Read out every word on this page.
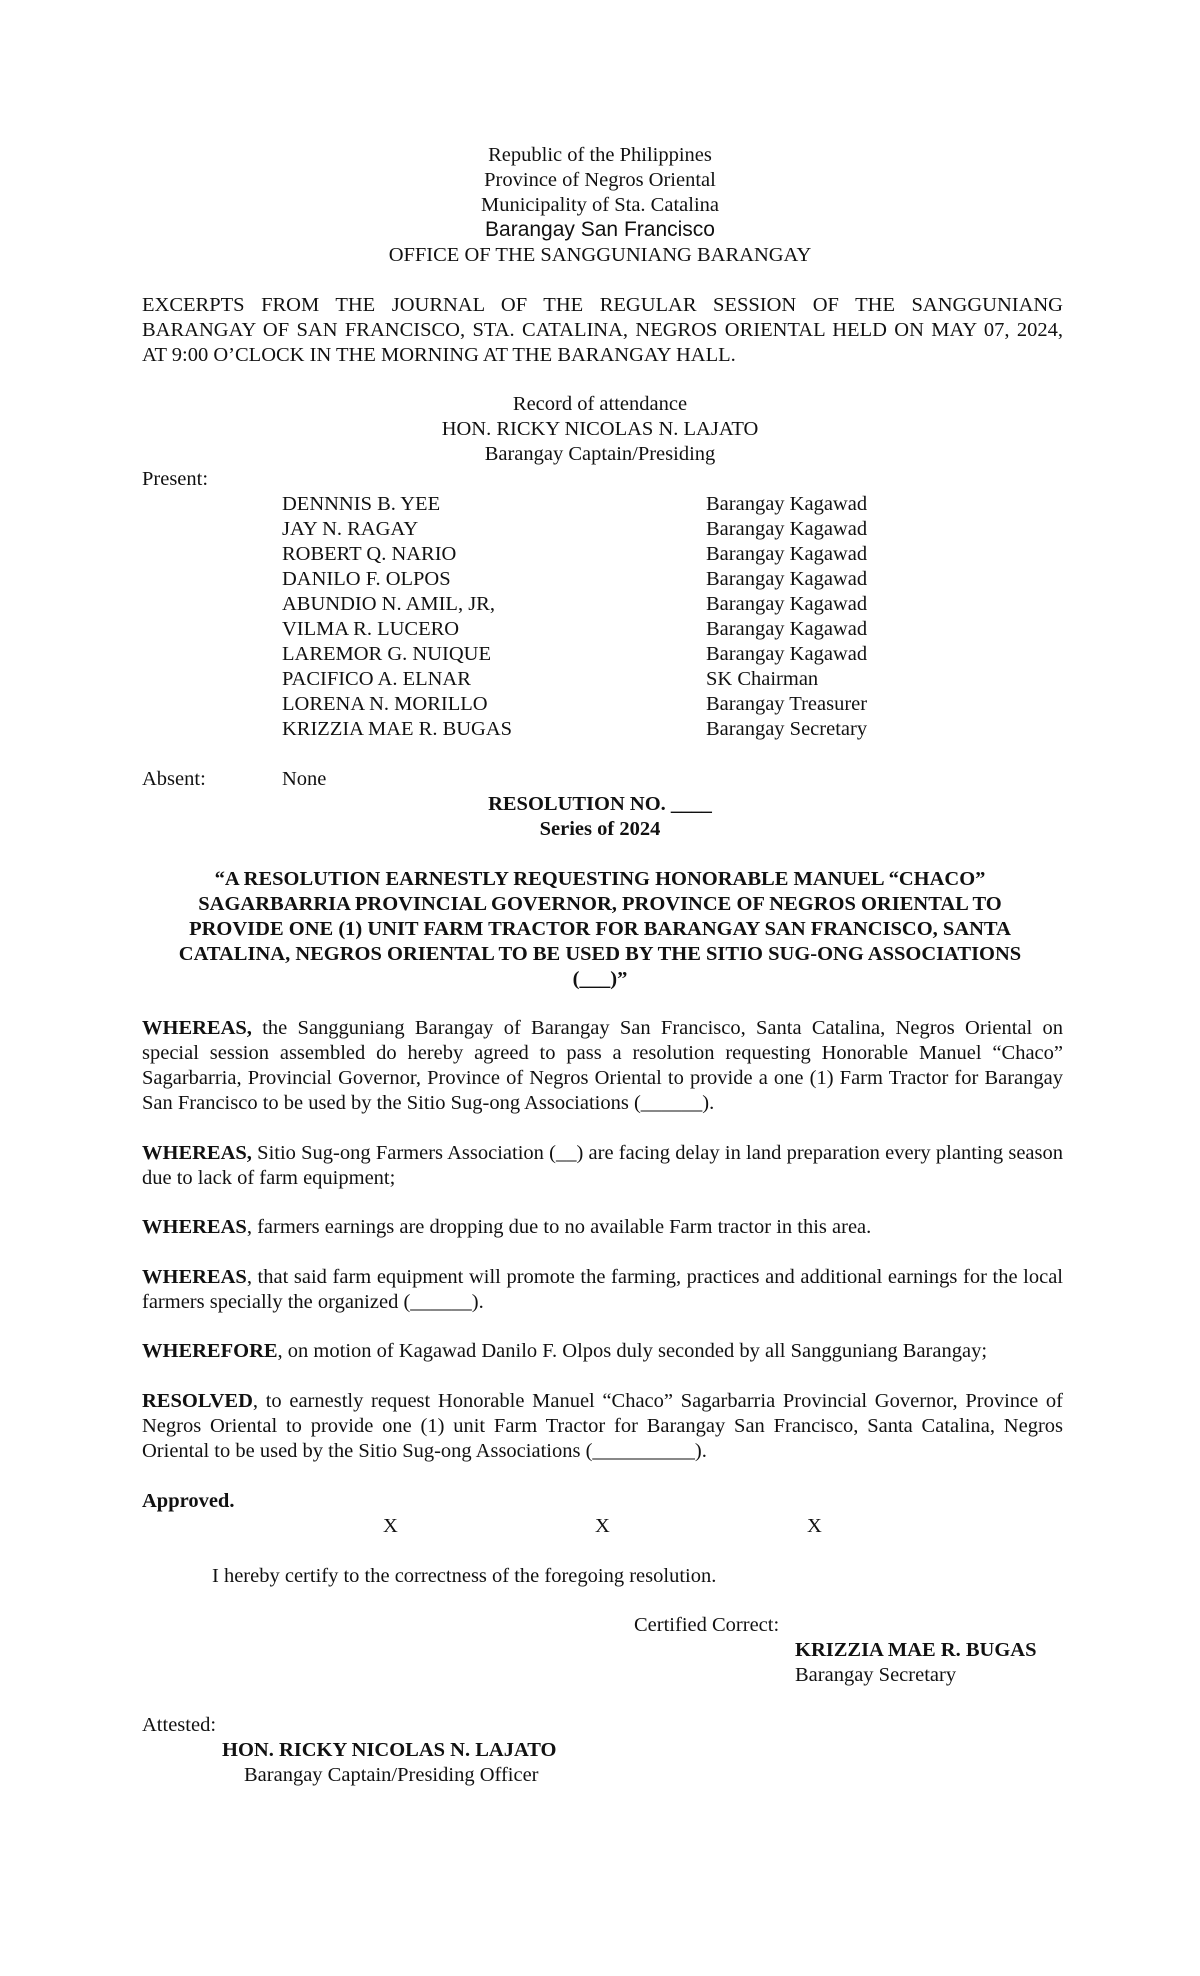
Republic of the Philippines
Province of Negros Oriental
Municipality of Sta. Catalina
Barangay San Francisco
OFFICE OF THE SANGGUNIANG BARANGAY

EXCERPTS FROM THE JOURNAL OF THE REGULAR SESSION OF THE SANGGUNIANG BARANGAY OF SAN FRANCISCO, STA. CATALINA, NEGROS ORIENTAL HELD ON MAY 07, 2024, AT 9:00 O’CLOCK IN THE MORNING AT THE BARANGAY HALL.

Record of attendance
HON. RICKY NICOLAS N. LAJATO
Barangay Captain/Presiding
Present:
DENNNIS B. YEE	Barangay Kagawad
JAY N. RAGAY	Barangay Kagawad
ROBERT Q. NARIO	Barangay Kagawad
DANILO F. OLPOS	Barangay Kagawad
ABUNDIO N. AMIL, JR,	Barangay Kagawad
VILMA R. LUCERO	Barangay Kagawad
LAREMOR G. NUIQUE	Barangay Kagawad
PACIFICO A. ELNAR	SK Chairman
LORENA N. MORILLO	Barangay Treasurer
KRIZZIA MAE R. BUGAS	Barangay Secretary
Absent:	None
RESOLUTION NO. ____
Series of 2024
“A RESOLUTION EARNESTLY REQUESTING HONORABLE MANUEL “CHACO” SAGARBARRIA PROVINCIAL GOVERNOR, PROVINCE OF NEGROS ORIENTAL TO PROVIDE ONE (1) UNIT FARM TRACTOR FOR BARANGAY SAN FRANCISCO, SANTA CATALINA, NEGROS ORIENTAL TO BE USED BY THE SITIO SUG-ONG ASSOCIATIONS (___)”

WHEREAS, the Sangguniang Barangay of Barangay San Francisco, Santa Catalina, Negros Oriental on special session assembled do hereby agreed to pass a resolution requesting Honorable Manuel “Chaco” Sagarbarria, Provincial Governor, Province of Negros Oriental to provide a one (1) Farm Tractor for Barangay San Francisco to be used by the Sitio Sug-ong Associations (______).

WHEREAS, Sitio Sug-ong Farmers Association (__) are facing delay in land preparation every planting season due to lack of farm equipment;

WHEREAS, farmers earnings are dropping due to no available Farm tractor in this area.

WHEREAS, that said farm equipment will promote the farming, practices and additional earnings for the local farmers specially the organized (______).

WHEREFORE, on motion of Kagawad Danilo F. Olpos duly seconded by all Sangguniang Barangay;

RESOLVED, to earnestly request Honorable Manuel “Chaco” Sagarbarria Provincial Governor, Province of Negros Oriental to provide one (1) unit Farm Tractor for Barangay San Francisco, Santa Catalina, Negros Oriental to be used by the Sitio Sug-ong Associations (__________).

Approved.
X	X	X
I hereby certify to the correctness of the foregoing resolution.
Certified Correct:
KRIZZIA MAE R. BUGAS
Barangay Secretary
Attested:
HON. RICKY NICOLAS N. LAJATO
Barangay Captain/Presiding Officer
